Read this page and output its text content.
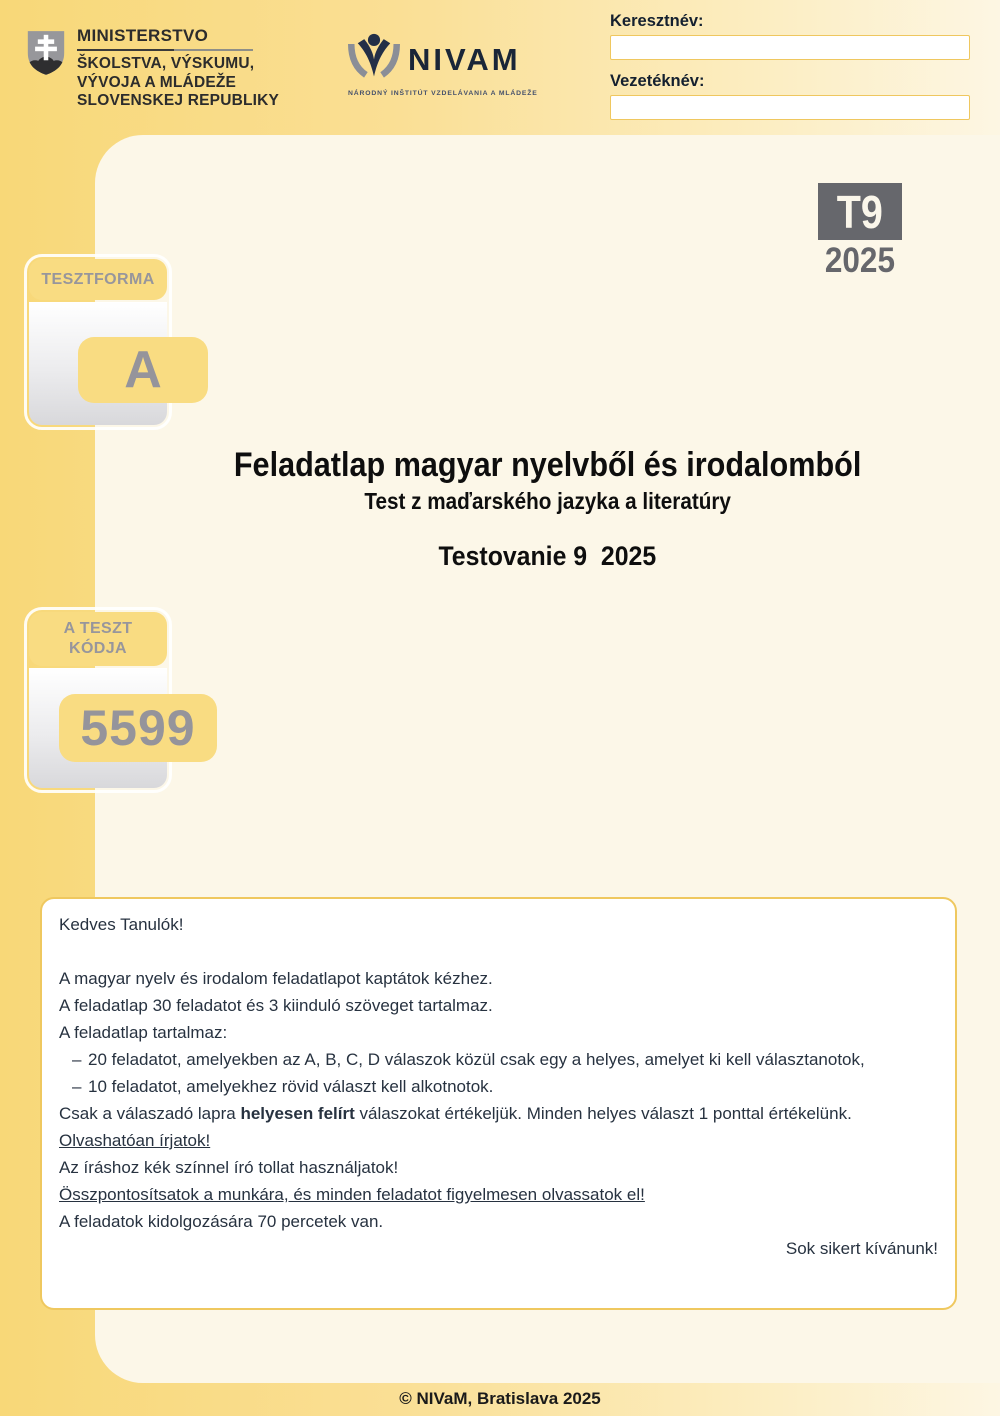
MINISTERSTVO
ŠKOLSTVA, VÝSKUMU,
VÝVOJA A MLÁDEŽE
SLOVENSKEJ REPUBLIKY
NIVAM
NÁRODNÝ INŠTITÚT VZDELÁVANIA A MLÁDEŽE
Keresztnév:
Vezetéknév:
T9
2025
TESZTFORMA
A
Feladatlap magyar nyelvből és irodalomból
Test z maďarského jazyka a literatúry
Testovanie 9  2025
A TESZT
KÓDJA
5599
Kedves Tanulók!
A magyar nyelv és irodalom feladatlapot kaptátok kézhez.
A feladatlap 30 feladatot és 3 kiinduló szöveget tartalmaz.
A feladatlap tartalmaz:
– 20 feladatot, amelyekben az A, B, C, D válaszok közül csak egy a helyes, amelyet ki kell választanotok,
– 10 feladatot, amelyekhez rövid választ kell alkotnotok.
Csak a válaszadó lapra helyesen felírt válaszokat értékeljük. Minden helyes választ 1 ponttal értékelünk.
Olvashatóan írjatok!
Az íráshoz kék színnel író tollat használjatok!
Összpontosítsatok a munkára, és minden feladatot figyelmesen olvassatok el!
A feladatok kidolgozására 70 percetek van.
Sok sikert kívánunk!
© NIVaM, Bratislava 2025
